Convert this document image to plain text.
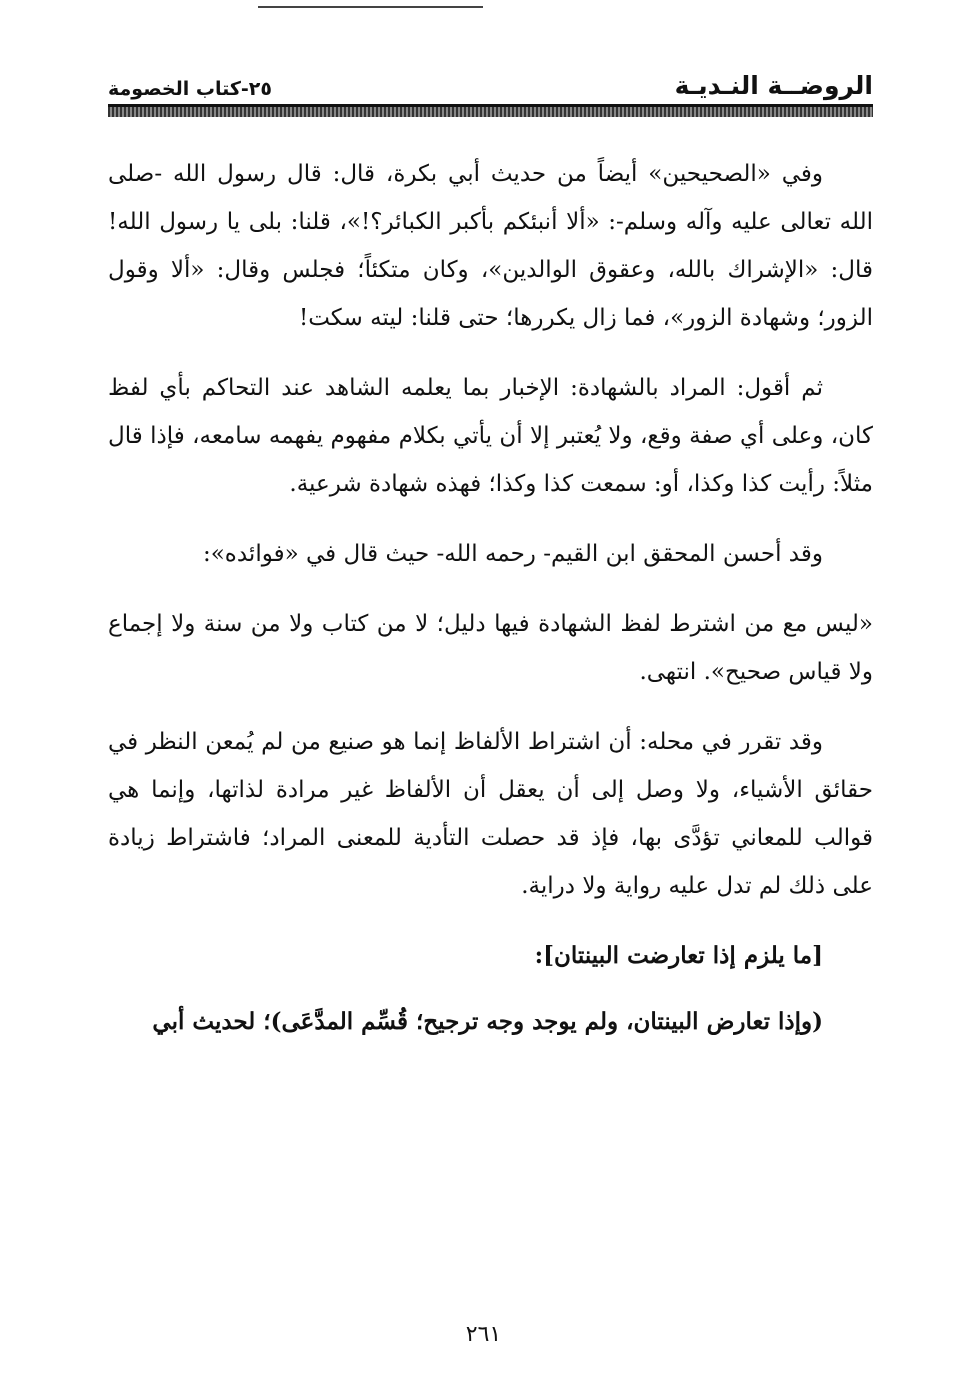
الروضــة النـديـة
٢٥-كتاب الخصومة

وفي «الصحيحين» أيضاً من حديث أبي بكرة، قال: قال رسول الله -صلى الله تعالى عليه وآله وسلم-: «ألا أنبئكم بأكبر الكبائر؟!»، قلنا: بلى يا رسول الله! قال: «الإشراك بالله، وعقوق الوالدين»، وكان متكئاً؛ فجلس وقال: «ألا وقول الزور؛ وشهادة الزور»، فما زال يكررها؛ حتى قلنا: ليته سكت!

ثم أقول: المراد بالشهادة: الإخبار بما يعلمه الشاهد عند التحاكم بأي لفظ كان، وعلى أي صفة وقع، ولا يُعتبر إلا أن يأتي بكلام مفهوم يفهمه سامعه، فإذا قال مثلاً: رأيت كذا وكذا، أو: سمعت كذا وكذا؛ فهذه شهادة شرعية.

وقد أحسن المحقق ابن القيم- رحمه الله- حيث قال في «فوائده»:

«ليس مع من اشترط لفظ الشهادة فيها دليل؛ لا من كتاب ولا من سنة ولا إجماع ولا قياس صحيح». انتهى.

وقد تقرر في محله: أن اشتراط الألفاظ إنما هو صنيع من لم يُمعن النظر في حقائق الأشياء، ولا وصل إلى أن يعقل أن الألفاظ غير مرادة لذاتها، وإنما هي قوالب للمعاني تؤدَّى بها، فإذ قد حصلت التأدية للمعنى المراد؛ فاشتراط زيادة على ذلك لم تدل عليه رواية ولا دراية.

[ما يلزم إذا تعارضت البينتان]:

(وإذا تعارض البينتان، ولم يوجد وجه ترجيح؛ قُسِّم المدَّعَى)؛ لحديث أبي

٢٦١
